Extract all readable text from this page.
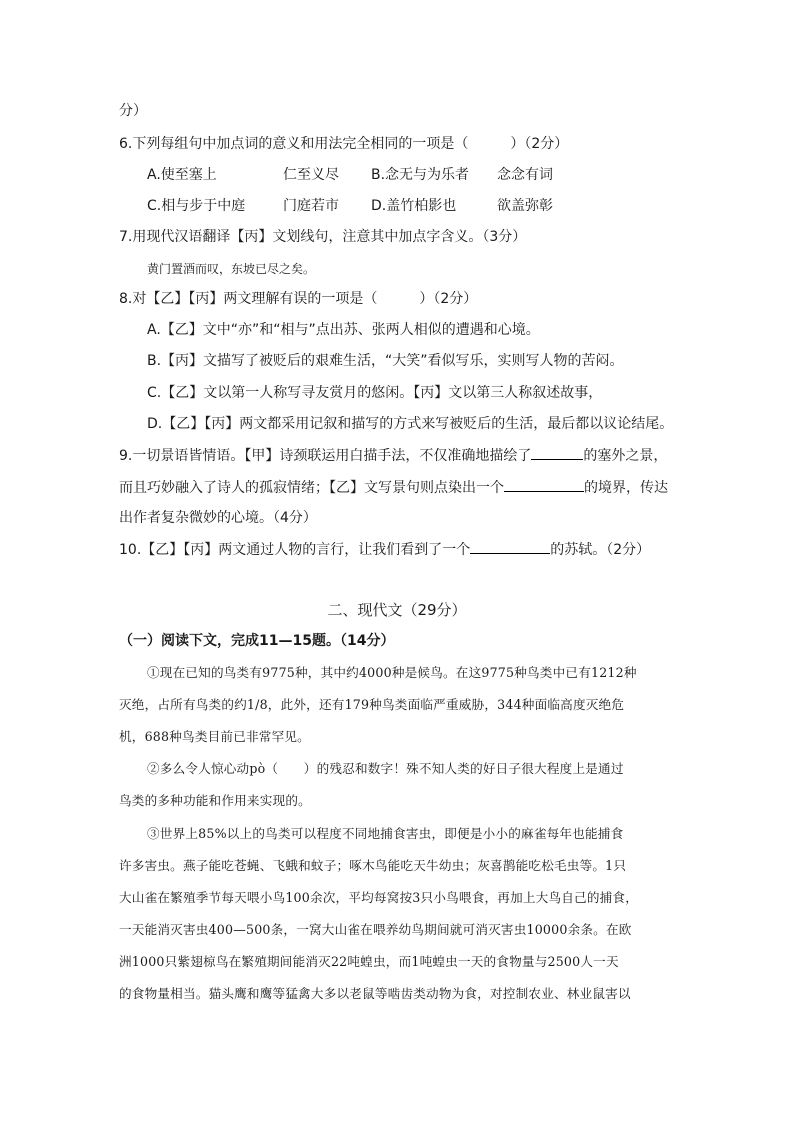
分）
6.下列每组句中加点词的意义和用法完全相同的一项是（　　　）（2分）
A.使至塞上	仁至义尽 B.念无与为乐者 念念有词
C.相与步于中庭	门庭若市 D.盖竹柏影也	欲盖弥彰
7.用现代汉语翻译【丙】文划线句，注意其中加点字含义。（3分）
黄门置酒而叹，东坡已尽之矣。
8.对【乙】【丙】两文理解有误的一项是（　　　）（2分）
A.【乙】文中“亦”和“相与”点出苏、张两人相似的遭遇和心境。
B.【丙】文描写了被贬后的艰难生活，“大笑”看似写乐，实则写人物的苦闷。
C.【乙】文以第一人称写寻友赏月的悠闲。【丙】文以第三人称叙述故事，
D.【乙】【丙】两文都采用记叙和描写的方式来写被贬后的生活，最后都以议论结尾。
9.一切景语皆情语。【甲】诗颈联运用白描手法，不仅准确地描绘了	的塞外之景，
而且巧妙融入了诗人的孤寂情绪；【乙】文写景句则点染出一个	的境界，传达
出作者复杂微妙的心境。（4分）
10.【乙】【丙】两文通过人物的言行，让我们看到了一个	的苏轼。（2分）
二、现代文（29分）
（一）阅读下文，完成11—15题。（14分）
①现在已知的鸟类有9775种，其中约4000种是候鸟。在这9775种鸟类中已有1212种
灭绝，占所有鸟类的约1/8，此外，还有179种鸟类面临严重威胁，344种面临高度灭绝危
机，688种鸟类目前已非常罕见。
②多么令人惊心动pò（　　）的残忍和数字！殊不知人类的好日子很大程度上是通过
鸟类的多种功能和作用来实现的。
③世界上85%以上的鸟类可以程度不同地捕食害虫，即便是小小的麻雀每年也能捕食
许多害虫。燕子能吃苍蝇、飞蛾和蚊子；啄木鸟能吃天牛幼虫；灰喜鹊能吃松毛虫等。1只
大山雀在繁殖季节每天喂小鸟100余次，平均每窝按3只小鸟喂食，再加上大鸟自己的捕食，
一天能消灭害虫400—500条，一窝大山雀在喂养幼鸟期间就可消灭害虫10000余条。在欧
洲1000只紫翅椋鸟在繁殖期间能消灭22吨蝗虫，而1吨蝗虫一天的食物量与2500人一天
的食物量相当。猫头鹰和鹰等猛禽大多以老鼠等啮齿类动物为食，对控制农业、林业鼠害以
